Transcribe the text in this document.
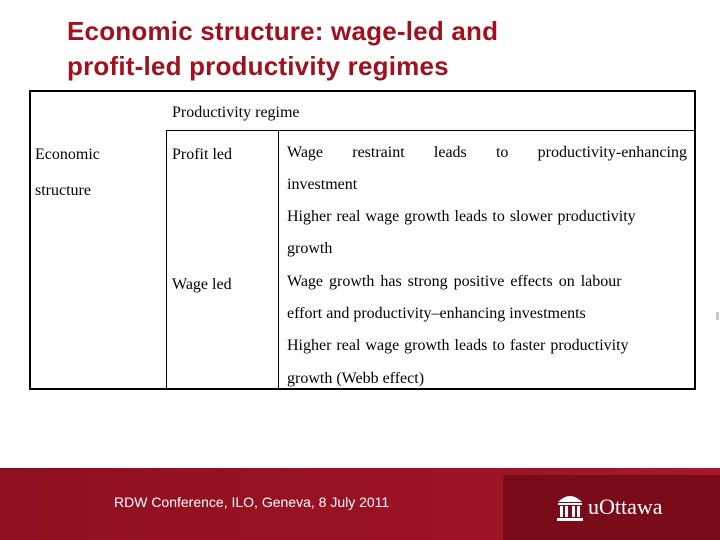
Economic structure: wage-led and
profit-led productivity regimes
Productivity regime
Economic
structure
Profit led	Wage restraint leads to productivity-enhancing
investment
Higher real wage growth leads to slower productivity
growth
Wage led	Wage growth has strong positive effects on labour
effort and productivity–enhancing investments
Higher real wage growth leads to faster productivity
growth (Webb effect)
RDW Conference, ILO, Geneva, 8 July 2011	uOttawa
